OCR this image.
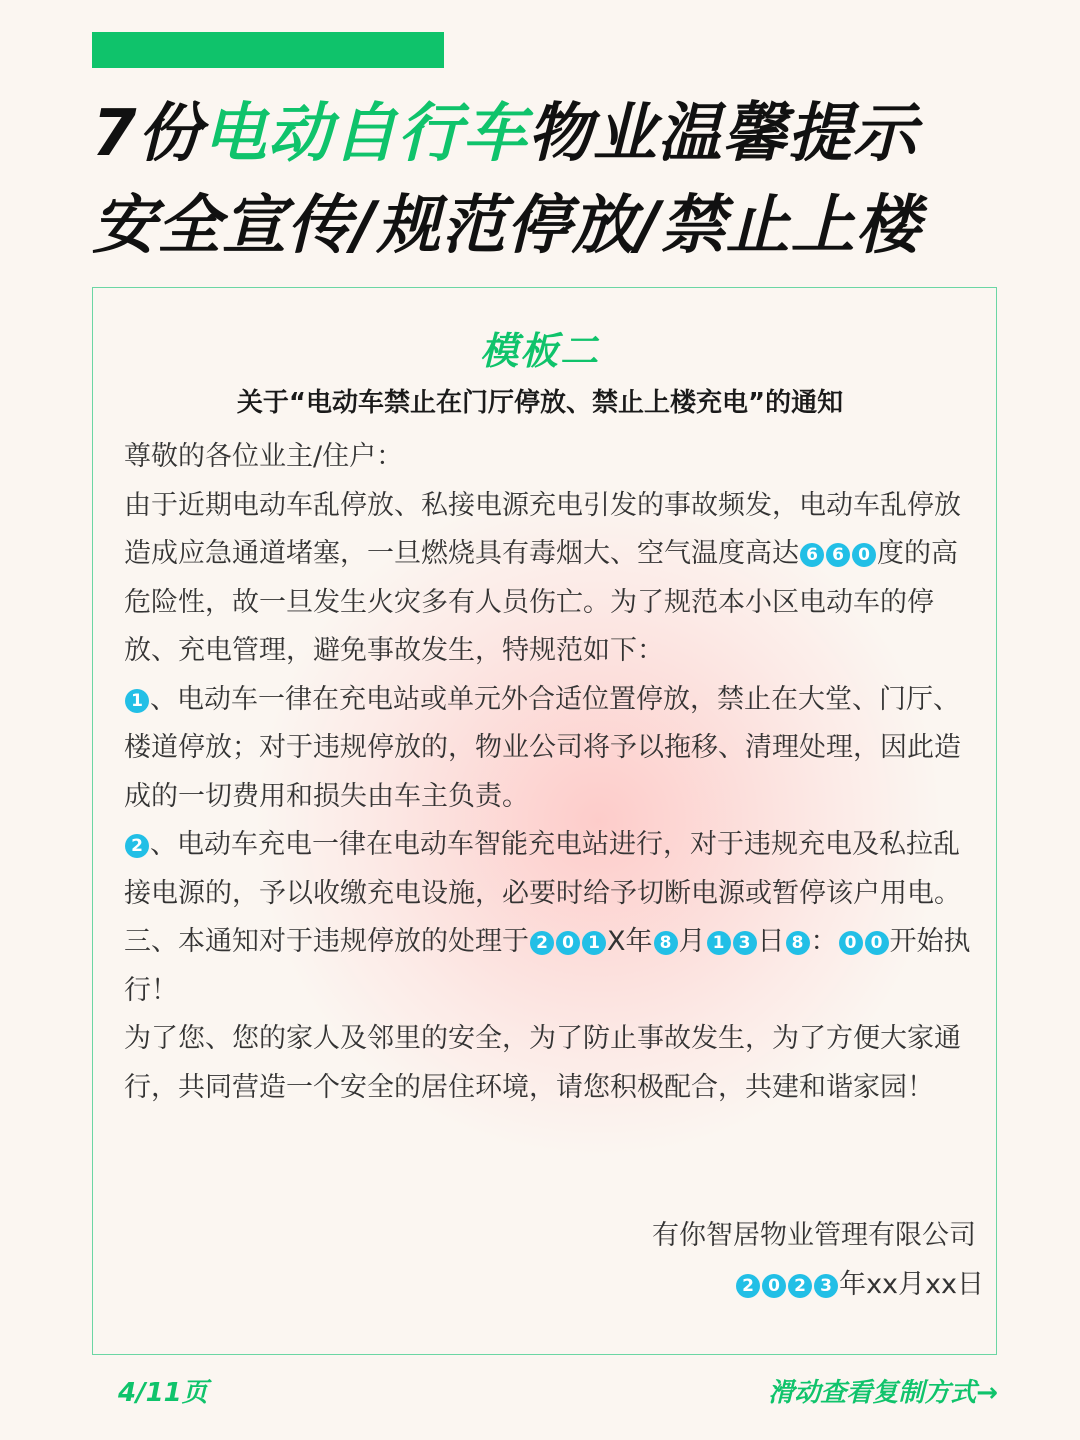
7份电动自行车物业温馨提示
安全宣传/规范停放/禁止上楼
模板二
关于“电动车禁止在门厅停放、禁止上楼充电”的通知

尊敬的各位业主/住户：

由于近期电动车乱停放、私接电源充电引发的事故频发，电动车乱停放造成应急通道堵塞，一旦燃烧具有毒烟大、空气温度高达 6 6 0 度的高危险性，故一旦发生火灾多有人员伤亡。为了规范本小区电动车的停放、充电管理，避免事故发生，特规范如下：

1 、电动车一律在充电站或单元外合适位置停放，禁止在大堂、门厅、楼道停放；对于违规停放的，物业公司将予以拖移、清理处理，因此造成的一切费用和损失由车主负责。

2 、电动车充电一律在电动车智能充电站进行，对于违规充电及私拉乱接电源的，予以收缴充电设施，必要时给予切断电源或暂停该户用电。

三、本通知对于违规停放的处理于 2 0 1 X年 8 月 1 3 日 8 ： 0 0 开始执行！

为了您、您的家人及邻里的安全，为了防止事故发生，为了方便大家通行，共同营造一个安全的居住环境，请您积极配合，共建和谐家园！

有你智居物业管理有限公司
2 0 2 3 年xx月xx日
4/11页	滑动查看复制方式→
